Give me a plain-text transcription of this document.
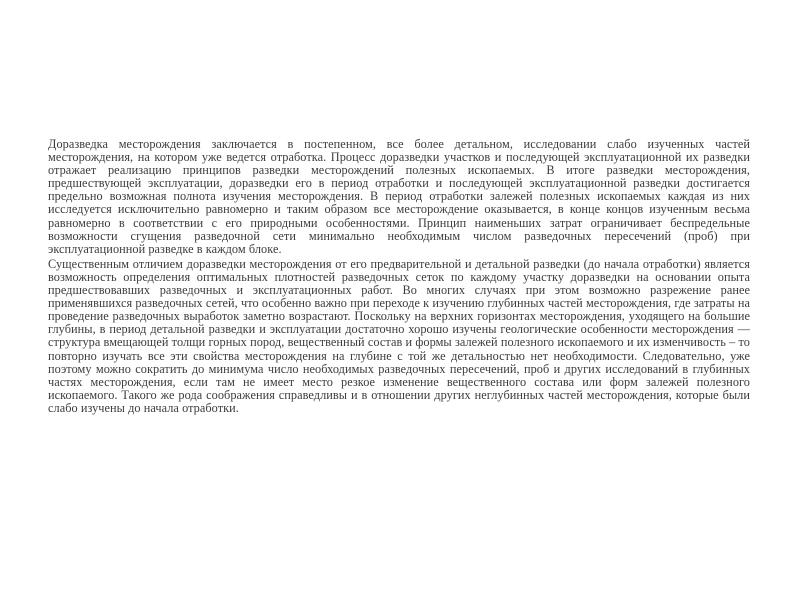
Доразведка месторождения заключается в постепенном, все более детальном, исследовании слабо изученных частей месторождения, на котором уже ведется отработка. Процесс доразведки участков и последующей эксплуатационной их разведки отражает реализацию принципов разведки месторождений полезных ископаемых. В итоге разведки месторождения, предшествующей эксплуатации, доразведки его в период отработки и последующей эксплуатационной разведки достигается предельно возможная полнота изучения месторождения. В период отработки залежей полезных ископаемых каждая из них исследуется исключительно равномерно и таким образом все месторождение оказывается, в конце концов изученным весьма равномерно в соответствии с его природными особенностями. Принцип наименьших затрат ограничивает беспредельные возможности сгущения разведочной сети минимально необходимым числом разведочных пересечений (проб) при эксплуатационной разведке в каждом блоке.

Существенным отличием доразведки месторождения от его предварительной и детальной разведки (до начала отработки) является возможность определения оптимальных плотностей разведочных сеток по каждому участку доразведки на основании опыта предшествовавших разведочных и эксплуатационных работ. Во многих случаях при этом возможно разрежение ранее применявшихся разведочных сетей, что особенно важно при переходе к изучению глубинных частей месторождения, где затраты на проведение разведочных выработок заметно возрастают. Поскольку на верхних горизонтах месторождения, уходящего на большие глубины, в период детальной разведки и эксплуатации достаточно хорошо изучены геологические особенности месторождения — структура вмещающей толщи горных пород, вещественный состав и формы залежей полезного ископаемого и их изменчивость – то повторно изучать все эти свойства месторождения на глубине с той же детальностью нет необходимости. Следовательно, уже поэтому можно сократить до минимума число необходимых разведочных пересечений, проб и других исследований в глубинных частях месторождения, если там не имеет место резкое изменение вещественного состава или форм залежей полезного ископаемого. Такого же рода соображения справедливы и в отношении других неглубинных частей месторождения, которые были слабо изучены до начала отработки.
